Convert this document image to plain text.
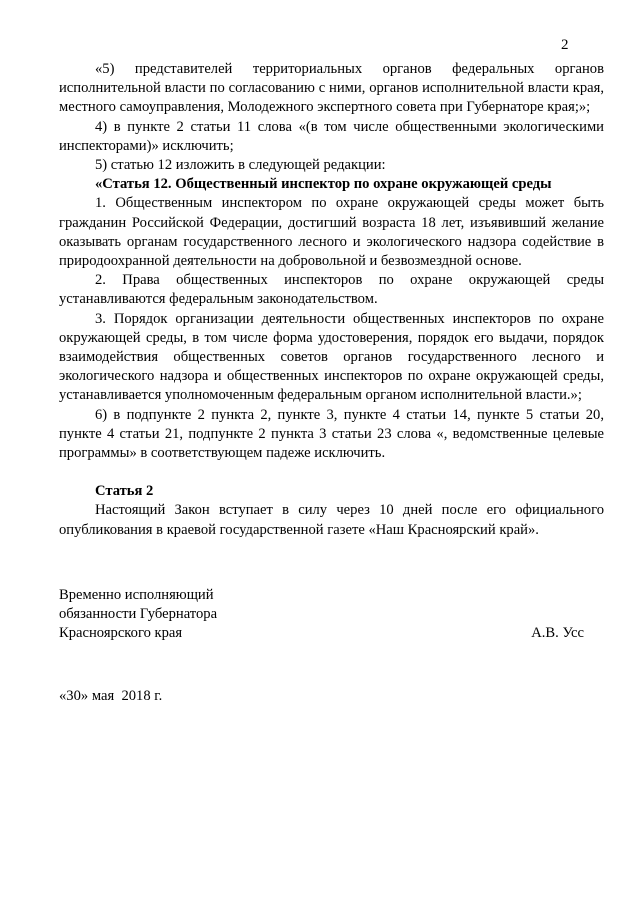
2

«5) представителей территориальных органов федеральных органов исполнительной власти по согласованию с ними, органов исполнительной власти края, местного самоуправления, Молодежного экспертного совета при Губернаторе края;»;

4) в пункте 2 статьи 11 слова «(в том числе общественными экологическими инспекторами)» исключить;

5) статью 12 изложить в следующей редакции:

«Статья 12. Общественный инспектор по охране окружающей среды

1. Общественным инспектором по охране окружающей среды может быть гражданин Российской Федерации, достигший возраста 18 лет, изъявивший желание оказывать органам государственного лесного и экологического надзора содействие в природоохранной деятельности на добровольной и безвозмездной основе.

2. Права общественных инспекторов по охране окружающей среды устанавливаются федеральным законодательством.

3. Порядок организации деятельности общественных инспекторов по охране окружающей среды, в том числе форма удостоверения, порядок его выдачи, порядок взаимодействия общественных советов органов государственного лесного и экологического надзора и общественных инспекторов по охране окружающей среды, устанавливается уполномоченным федеральным органом исполнительной власти.»;

6) в подпункте 2 пункта 2, пункте 3, пункте 4 статьи 14, пункте 5 статьи 20, пункте 4 статьи 21, подпункте 2 пункта 3 статьи 23 слова «, ведомственные целевые программы» в соответствующем падеже исключить.

Статья 2

Настоящий Закон вступает в силу через 10 дней после его официального опубликования в краевой государственной газете «Наш Красноярский край».

Временно исполняющий
обязанности Губернатора
Красноярского края	А.В. Усс
«30» мая  2018 г.
